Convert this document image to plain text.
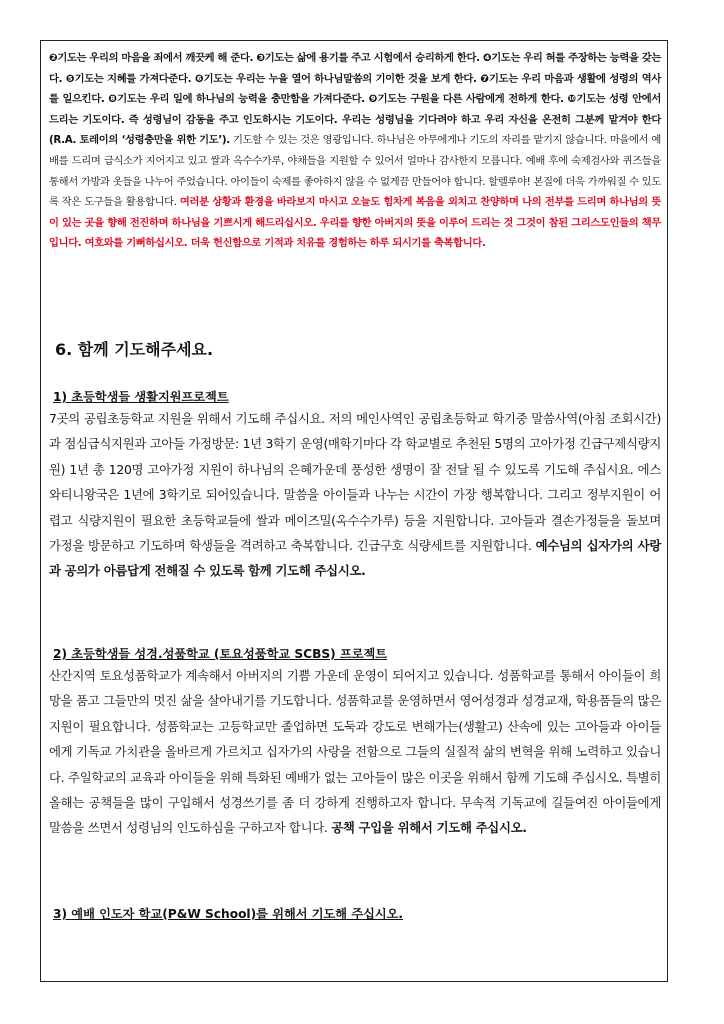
❷기도는 우리의 마음을 죄에서 깨끗케 해 준다. ❸기도는 삶에 용기를 주고 시험에서 승리하게 한다. ❹기도는 우리 혀를 주장하는 능력을 갖는다. ❺기도는 지혜를 가져다준다. ❻기도는 우리는 누을 열어 하나님말씀의 기이한 것을 보게 한다. ❼기도는 우리 마음과 생활에 성령의 역사를 일으킨다. ❽기도는 우리 일에 하나님의 능력을 충만함을 가져다준다. ❾기도는 구원을 다른 사람에게 전하게 한다. ❿기도는 성령 안에서 드리는 기도이다. 즉 성령님이 감동을 주고 인도하시는 기도이다. 우리는 성령님을 기다려야 하고 우리 자신을 온전히 그분께 맡겨야 한다(R.A. 토레이의 ‘성령충만을 위한 기도’). 기도할 수 있는 것은 영광입니다. 하나님은 아무에게나 기도의 자리를 맡기지 않습니다. 마을에서 예배를 드리며 급식소가 지어지고 있고 쌀과 옥수수가루, 야채들을 지원할 수 있어서 얼마나 감사한지 모릅니다. 예배 후에 숙제검사와 퀴즈들을 통해서 가방과 옷들을 나누어 주었습니다. 아이들이 숙제를 좋아하지 않을 수 없게끔 만들어야 합니다. 할렐루야! 본질에 더욱 가까워질 수 있도록 작은 도구들을 활용합니다. 여러분 상황과 환경을 바라보지 마시고 오늘도 힘차게 복음을 외치고 찬양하며 나의 전부를 드리며 하나님의 뜻이 있는 곳을 향해 전진하며 하나님을 기쁘시게 해드리십시오. 우리를 향한 아버지의 뜻을 이루어 드리는 것 그것이 참된 그리스도인들의 책무입니다. 여호와를 기뻐하십시오. 더욱 헌신함으로 기적과 치유를 경험하는 하루 되시기를 축복합니다.
6. 함께 기도해주세요.
1) 초등학생들 생활지원프로젝트
7곳의 공립초등학교 지원을 위해서 기도해 주십시요. 저의 메인사역인 공립초등학교 학기중 말씀사역(아침 조회시간) 과 점심급식지원과 고아들 가정방문: 1년 3학기 운영(매학기마다 각 학교별로 추천된 5명의 고아가정 긴급구제식량지원) 1년 총 120명 고아가정 지원이 하나님의 은혜가운데 풍성한 생명이 잘 전달 될 수 있도록 기도해 주십시요. 에스와티니왕국은 1년에 3학기로 되어있습니다. 말씀을 아이들과 나누는 시간이 가장 행복합니다. 그리고 정부지원이 어렵고 식량지원이 필요한 초등학교들에 쌀과 메이즈밀(옥수수가루) 등을 지원합니다. 고아들과 결손가정들을 돌보며 가정을 방문하고 기도하며 학생들을 격려하고 축복합니다. 긴급구호 식량세트를 지원합니다. 예수님의 십자가의 사랑과 공의가 아름답게 전해질 수 있도록 함께 기도해 주십시오.
2) 초등학생들 성경.성품학교 (토요성품학교 SCBS) 프로젝트
산간지역 토요성품학교가 계속해서 아버지의 기쁨 가운데 운영이 되어지고 있습니다. 성품학교를 통해서 아이들이 희망을 품고 그들만의 멋진 삶을 살아내기를 기도합니다. 성품학교를 운영하면서 영어성경과 성경교재, 학용품들의 많은 지원이 필요합니다. 성품학교는 고등학교만 졸업하면 도둑과 강도로 변해가는(생활고) 산속에 있는 고아들과 아이들에게 기독교 가치관을 올바르게 가르치고 십자가의 사랑을 전함으로 그들의 실질적 삶의 변혁을 위해 노력하고 있습니다. 주일학교의 교육과 아이들을 위해 특화된 예배가 없는 고아들이 많은 이곳을 위해서 함께 기도해 주십시오. 특별히 올해는 공책들을 많이 구입해서 성경쓰기를 좀 더 강하게 진행하고자 합니다. 무속적 기독교에 길들여진 아이들에게 말씀을 쓰면서 성령님의 인도하심을 구하고자 합니다. 공책 구입을 위해서 기도해 주십시오.
3) 예배 인도자 학교(P&W School)를 위해서 기도해 주십시오.
